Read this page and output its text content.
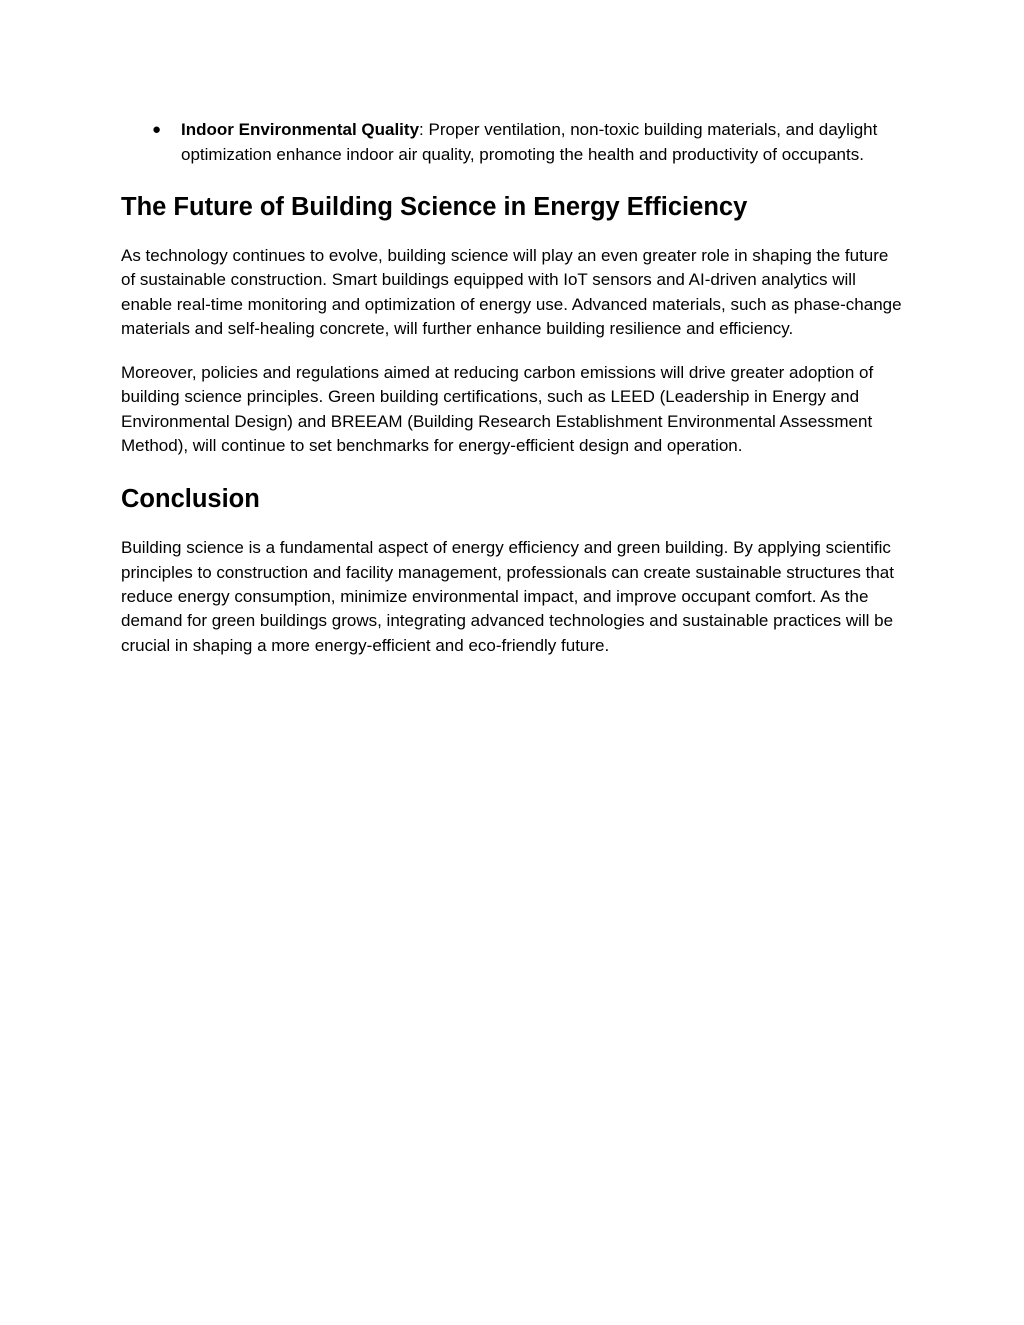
● Indoor Environmental Quality: Proper ventilation, non-toxic building materials, and daylight optimization enhance indoor air quality, promoting the health and productivity of occupants.
The Future of Building Science in Energy Efficiency

As technology continues to evolve, building science will play an even greater role in shaping the future of sustainable construction. Smart buildings equipped with IoT sensors and AI-driven analytics will enable real-time monitoring and optimization of energy use. Advanced materials, such as phase-change materials and self-healing concrete, will further enhance building resilience and efficiency.

Moreover, policies and regulations aimed at reducing carbon emissions will drive greater adoption of building science principles. Green building certifications, such as LEED (Leadership in Energy and Environmental Design) and BREEAM (Building Research Establishment Environmental Assessment Method), will continue to set benchmarks for energy-efficient design and operation.

Conclusion

Building science is a fundamental aspect of energy efficiency and green building. By applying scientific principles to construction and facility management, professionals can create sustainable structures that reduce energy consumption, minimize environmental impact, and improve occupant comfort. As the demand for green buildings grows, integrating advanced technologies and sustainable practices will be crucial in shaping a more energy-efficient and eco-friendly future.
